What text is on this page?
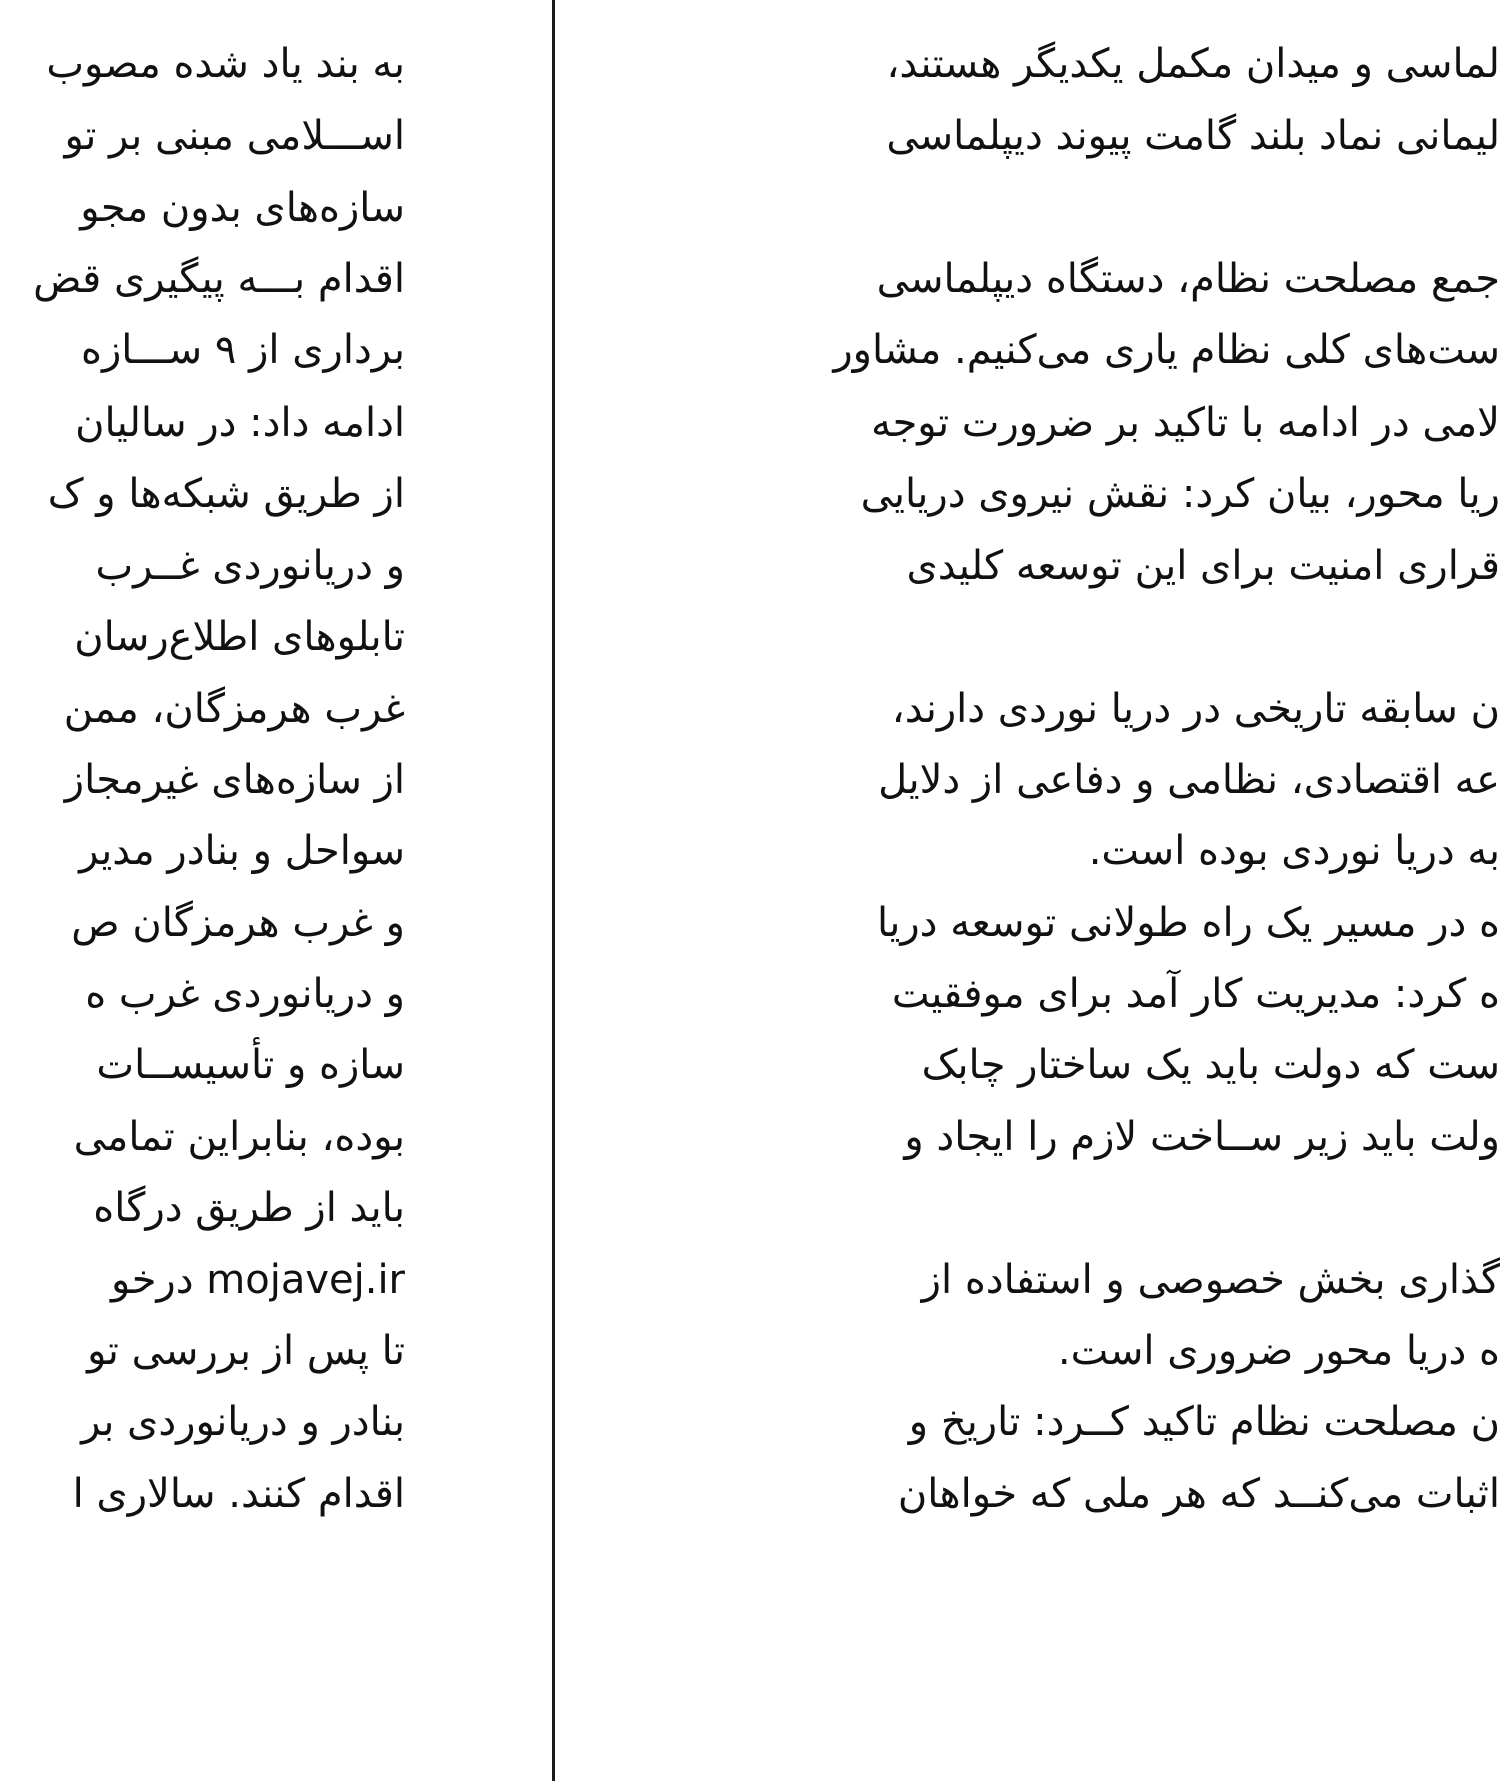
به بند یاد شده مصوب
اســـلامی مبنی بر تو
سازه‌های بدون مجو
اقدام بـــه پیگیری قض
برداری از ۹ ســـازه
ادامه داد: در سالیان
از طریق شبکه‌ها و ک
و دریانوردی غــرب
تابلوهای اطلاع‌رسان
غرب هرمزگان، ممن
از سازه‌های غیرمجاز
سواحل و بنادر مدیر
و غرب هرمزگان ص
و دریانوردی غرب ه
سازه و تأسیســات
بوده، بنابراین تمامی
باید از طریق درگاه
mojavej.ir درخو
تا پس از بررسی تو
بنادر و دریانوردی بر
اقدام کنند. سالاری ا
لماسی و میدان مکمل یکدیگر هستند،
لیمانی نماد بلند گامت پیوند دیپلماسی
جمع مصلحت نظام، دستگاه دیپلماسی
ست‌های کلی نظام یاری می‌کنیم. مشاور
لامی در ادامه با تاکید بر ضرورت توجه
ریا محور، بیان کرد: نقش نیروی دریایی
قراری امنیت برای این توسعه کلیدی
ن سابقه تاریخی در دریا نوردی دارند،
عه اقتصادی، نظامی و دفاعی از دلایل
به دریا نوردی بوده است.
ه در مسیر یک راه طولانی توسعه دریا
ه کرد: مدیریت کار آمد برای موفقیت
ست که دولت باید یک ساختار چابک
ولت باید زیر ســاخت لازم را ایجاد و
گذاری بخش خصوصی و استفاده از
ه دریا محور ضروری است.
ن مصلحت نظام تاکید کــرد: تاریخ و
اثبات می‌کنــد که هر ملی که خواهان
